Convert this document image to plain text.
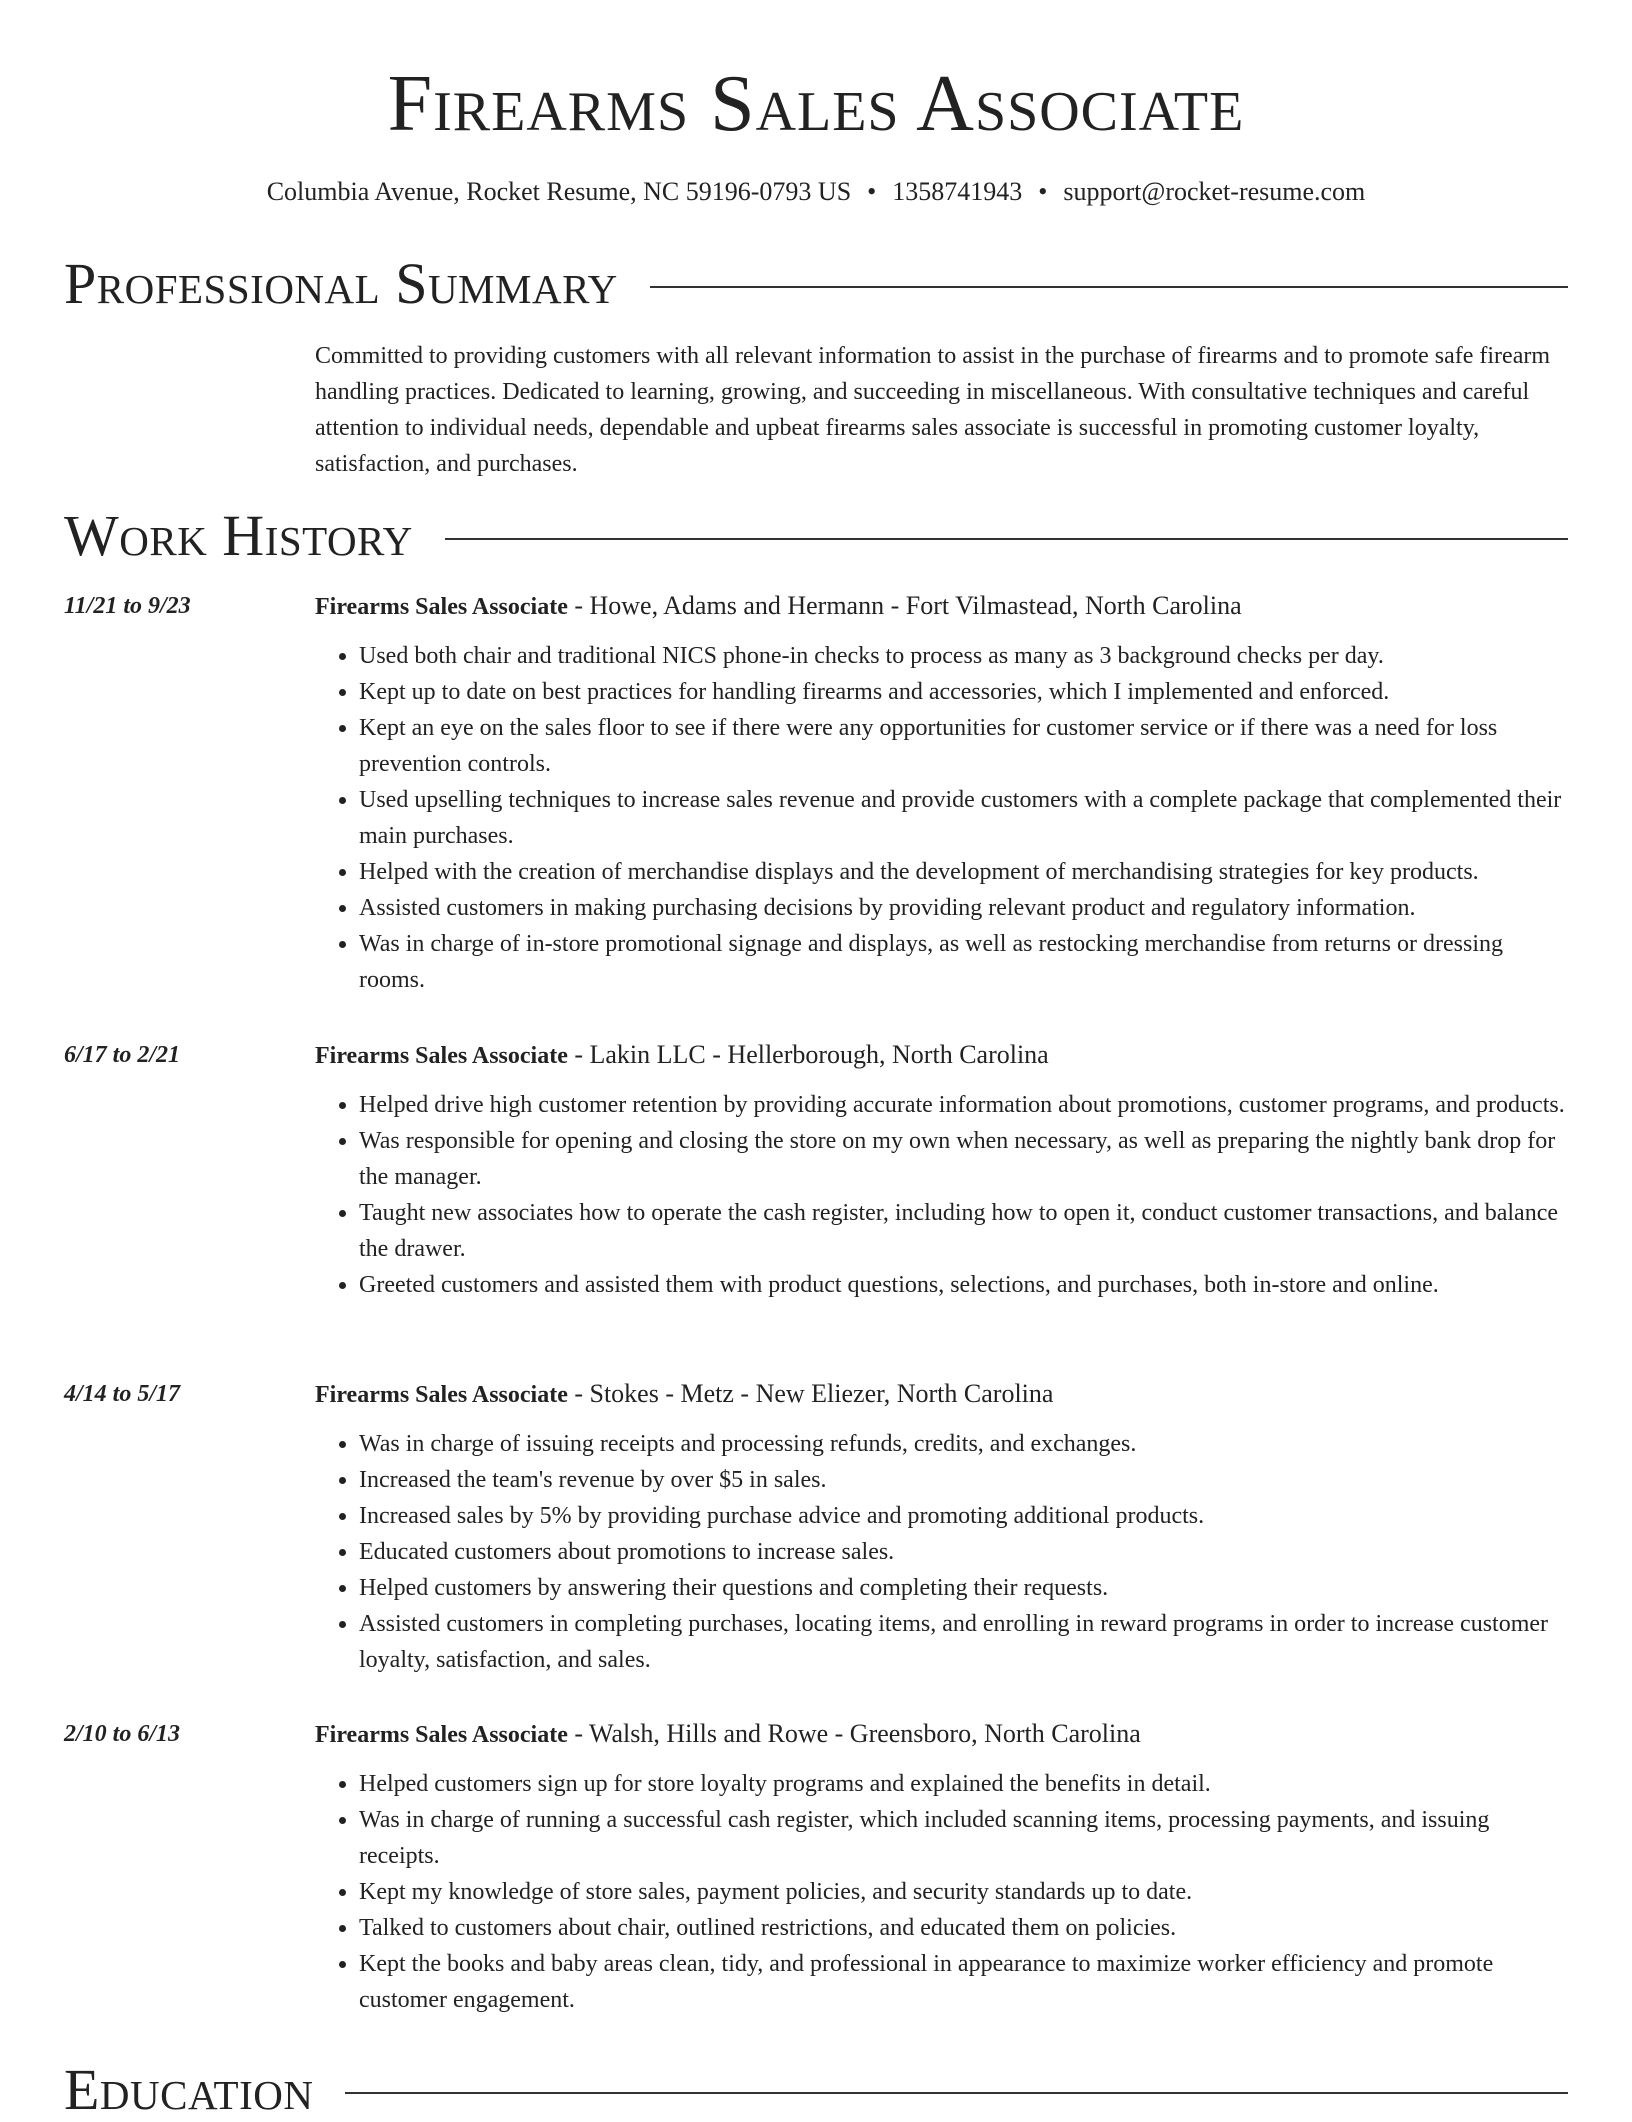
Firearms Sales Associate
Columbia Avenue, Rocket Resume, NC 59196-0793 US • 1358741943 • support@rocket-resume.com
Professional Summary

Committed to providing customers with all relevant information to assist in the purchase of firearms and to promote safe firearm handling practices. Dedicated to learning, growing, and succeeding in miscellaneous. With consultative techniques and careful attention to individual needs, dependable and upbeat firearms sales associate is successful in promoting customer loyalty, satisfaction, and purchases.

Work History
11/21 to 9/23	Firearms Sales Associate - Howe, Adams and Hermann - Fort Vilmastead, North Carolina
• Used both chair and traditional NICS phone-in checks to process as many as 3 background checks per day.
• Kept up to date on best practices for handling firearms and accessories, which I implemented and enforced.
• Kept an eye on the sales floor to see if there were any opportunities for customer service or if there was a need for loss prevention controls.
• Used upselling techniques to increase sales revenue and provide customers with a complete package that complemented their main purchases.
• Helped with the creation of merchandise displays and the development of merchandising strategies for key products.
• Assisted customers in making purchasing decisions by providing relevant product and regulatory information.
• Was in charge of in-store promotional signage and displays, as well as restocking merchandise from returns or dressing rooms.
6/17 to 2/21	Firearms Sales Associate - Lakin LLC - Hellerborough, North Carolina
• Helped drive high customer retention by providing accurate information about promotions, customer programs, and products.
• Was responsible for opening and closing the store on my own when necessary, as well as preparing the nightly bank drop for the manager.
• Taught new associates how to operate the cash register, including how to open it, conduct customer transactions, and balance the drawer.
• Greeted customers and assisted them with product questions, selections, and purchases, both in-store and online.
4/14 to 5/17	Firearms Sales Associate - Stokes - Metz - New Eliezer, North Carolina
• Was in charge of issuing receipts and processing refunds, credits, and exchanges.
• Increased the team's revenue by over $5 in sales.
• Increased sales by 5% by providing purchase advice and promoting additional products.
• Educated customers about promotions to increase sales.
• Helped customers by answering their questions and completing their requests.
• Assisted customers in completing purchases, locating items, and enrolling in reward programs in order to increase customer loyalty, satisfaction, and sales.
2/10 to 6/13	Firearms Sales Associate - Walsh, Hills and Rowe - Greensboro, North Carolina
• Helped customers sign up for store loyalty programs and explained the benefits in detail.
• Was in charge of running a successful cash register, which included scanning items, processing payments, and issuing receipts.
• Kept my knowledge of store sales, payment policies, and security standards up to date.
• Talked to customers about chair, outlined restrictions, and educated them on policies.
• Kept the books and baby areas clean, tidy, and professional in appearance to maximize worker efficiency and promote customer engagement.
Education
